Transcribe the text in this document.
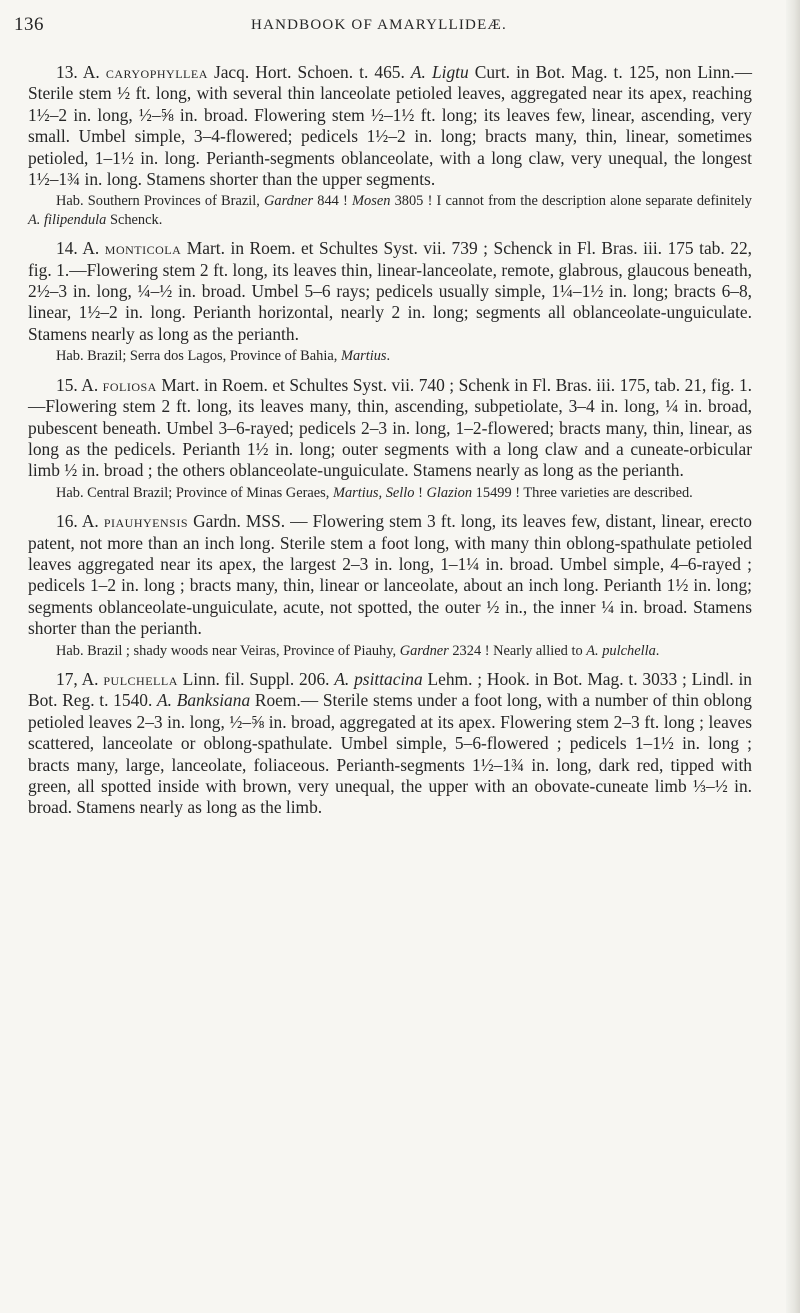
136	HANDBOOK OF AMARYLLIDEÆ.

13. A. caryophyllea Jacq. Hort. Schoen. t. 465. A. Ligtu Curt. in Bot. Mag. t. 125, non Linn.— Sterile stem ½ ft. long, with several thin lanceolate petioled leaves, aggregated near its apex, reaching 1½–2 in. long, ½–⅝ in. broad. Flowering stem ½–1½ ft. long; its leaves few, linear, ascending, very small. Umbel simple, 3–4-flowered; pedicels 1½–2 in. long; bracts many, thin, linear, sometimes petioled, 1–1½ in. long. Perianth-segments oblanceolate, with a long claw, very unequal, the longest 1½–1¾ in. long. Stamens shorter than the upper segments.

Hab. Southern Provinces of Brazil, Gardner 844 ! Mosen 3805 ! I cannot from the description alone separate definitely A. filipendula Schenck.

14. A. monticola Mart. in Roem. et Schultes Syst. vii. 739 ; Schenck in Fl. Bras. iii. 175 tab. 22, fig. 1.—Flowering stem 2 ft. long, its leaves thin, linear-lanceolate, remote, glabrous, glaucous beneath, 2½–3 in. long, ¼–½ in. broad. Umbel 5–6 rays; pedicels usually simple, 1¼–1½ in. long; bracts 6–8, linear, 1½–2 in. long. Perianth horizontal, nearly 2 in. long; segments all oblanceolate-unguiculate. Stamens nearly as long as the perianth.

Hab. Brazil; Serra dos Lagos, Province of Bahia, Martius.

15. A. foliosa Mart. in Roem. et Schultes Syst. vii. 740 ; Schenk in Fl. Bras. iii. 175, tab. 21, fig. 1. —Flowering stem 2 ft. long, its leaves many, thin, ascending, subpetiolate, 3–4 in. long, ¼ in. broad, pubescent beneath. Umbel 3–6-rayed; pedicels 2–3 in. long, 1–2-flowered; bracts many, thin, linear, as long as the pedicels. Perianth 1½ in. long; outer segments with a long claw and a cuneate-orbicular limb ½ in. broad ; the others oblanceolate-unguiculate. Stamens nearly as long as the perianth.

Hab. Central Brazil; Province of Minas Geraes, Martius, Sello ! Glazion 15499 ! Three varieties are described.

16. A. piauhyensis Gardn. MSS. — Flowering stem 3 ft. long, its leaves few, distant, linear, erecto patent, not more than an inch long. Sterile stem a foot long, with many thin oblong-spathulate petioled leaves aggregated near its apex, the largest 2–3 in. long, 1–1¼ in. broad. Umbel simple, 4–6-rayed ; pedicels 1–2 in. long ; bracts many, thin, linear or lanceolate, about an inch long. Perianth 1½ in. long; segments oblanceolate-unguiculate, acute, not spotted, the outer ½ in., the inner ¼ in. broad. Stamens shorter than the perianth.

Hab. Brazil ; shady woods near Veiras, Province of Piauhy, Gardner 2324 ! Nearly allied to A. pulchella.

17, A. pulchella Linn. fil. Suppl. 206. A. psittacina Lehm. ; Hook. in Bot. Mag. t. 3033 ; Lindl. in Bot. Reg. t. 1540. A. Banksiana Roem.— Sterile stems under a foot long, with a number of thin oblong petioled leaves 2–3 in. long, ½–⅝ in. broad, aggregated at its apex. Flowering stem 2–3 ft. long ; leaves scattered, lanceolate or oblong-spathulate. Umbel simple, 5–6-flowered ; pedicels 1–1½ in. long ; bracts many, large, lanceolate, foliaceous. Perianth-segments 1½–1¾ in. long, dark red, tipped with green, all spotted inside with brown, very unequal, the upper with an obovate-cuneate limb ⅓–½ in. broad. Stamens nearly as long as the limb.
